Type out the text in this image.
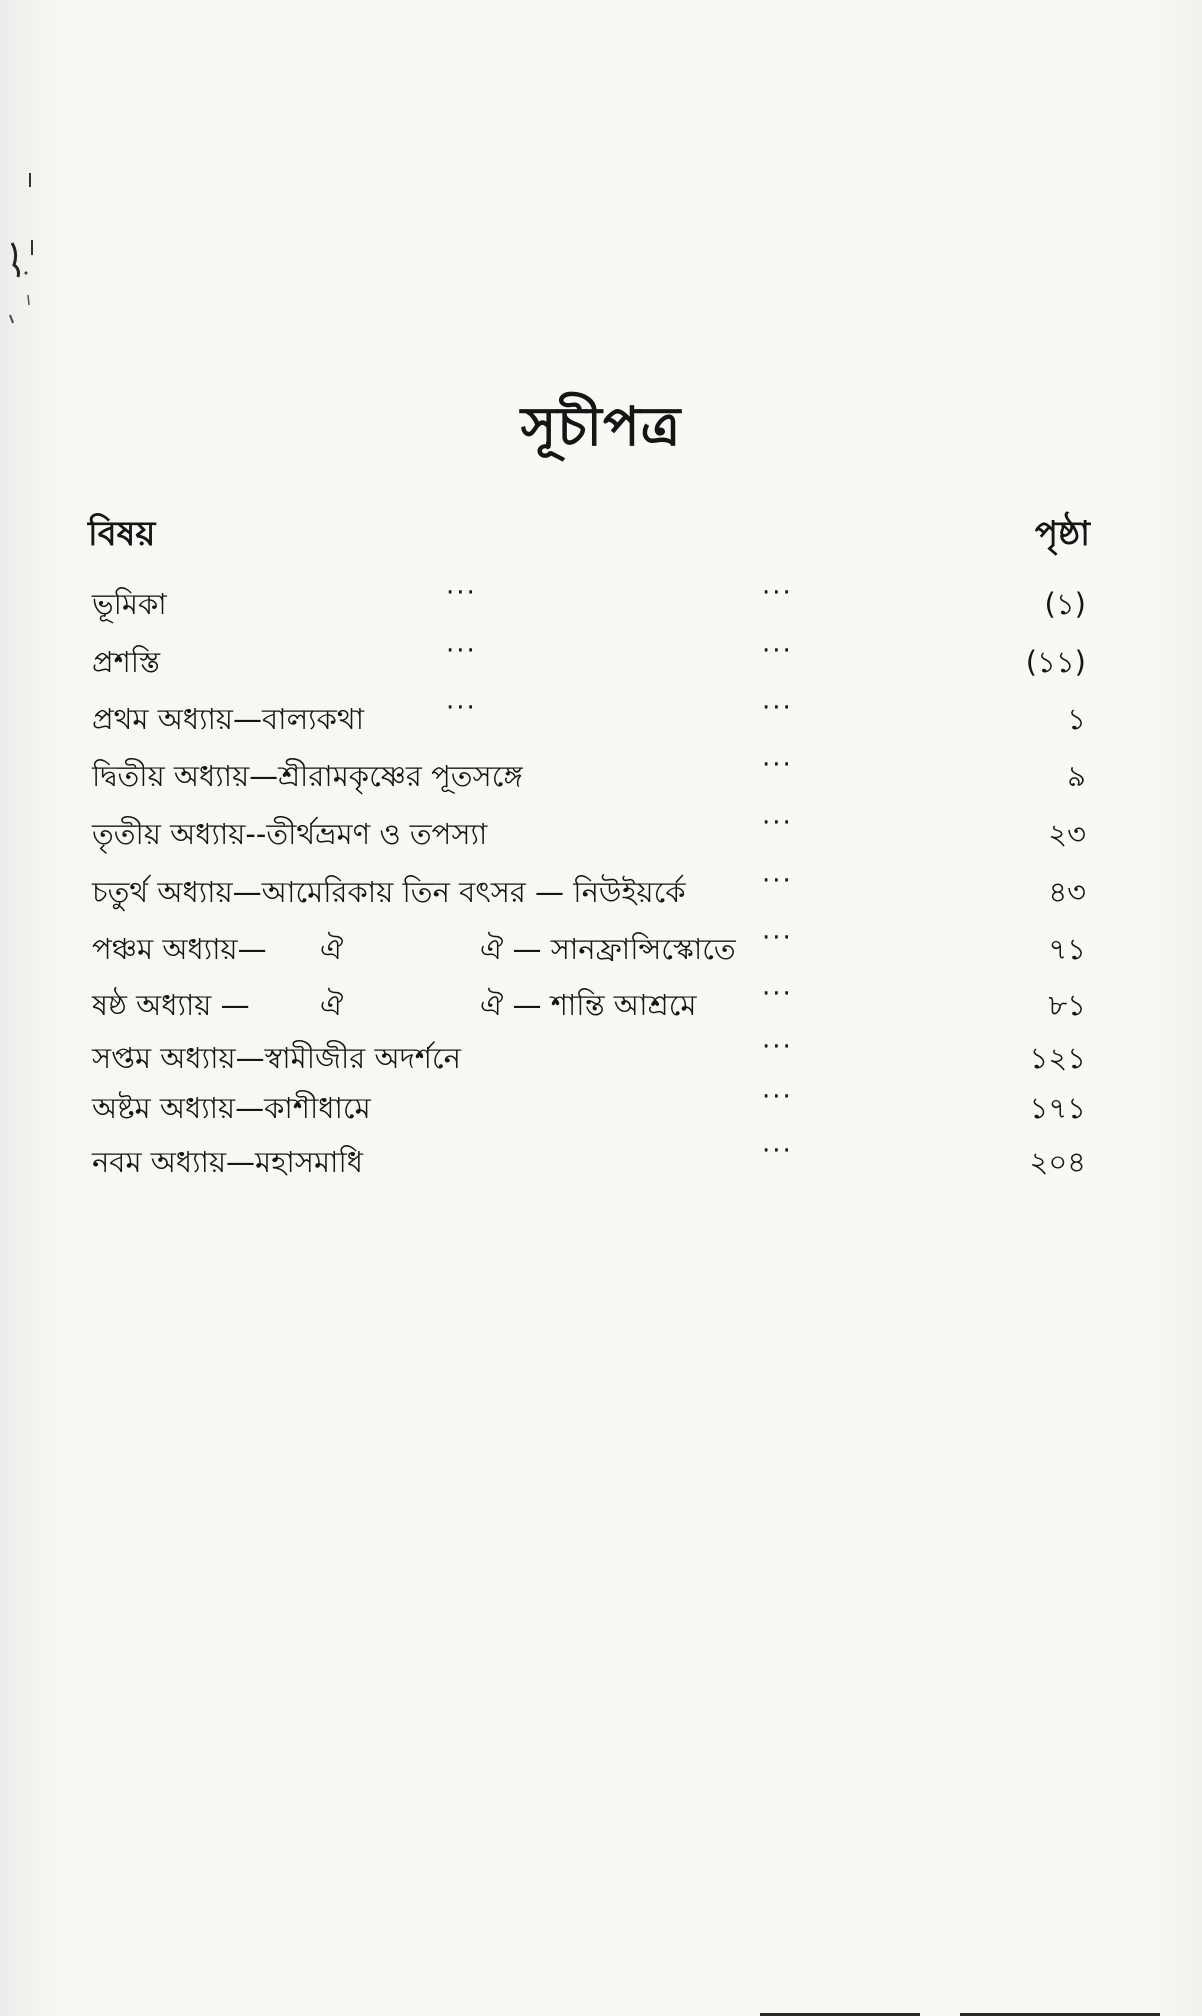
সূচীপত্র
বিষয়	পৃষ্ঠা
ভূমিকা	···	···	(১)
প্রশস্তি	···	···	(১১)
প্রথম অধ্যায়—বাল্যকথা	···	···	১
দ্বিতীয় অধ্যায়—শ্রীরামকৃষ্ণের পূতসঙ্গে	···	৯
তৃতীয় অধ্যায়--তীর্থভ্রমণ ও তপস্যা	···	২৩
চতুর্থ অধ্যায়—আমেরিকায় তিন বৎসর — নিউইয়র্কে	···	৪৩
পঞ্চম অধ্যায়— ঐ	ঐ — সানফ্রান্সিস্কোতে ···	৭১
ষষ্ঠ অধ্যায় — ঐ	ঐ — শান্তি আশ্রমে	···	৮১
সপ্তম অধ্যায়—স্বামীজীর অদর্শনে	···	১২১
অষ্টম অধ্যায়—কাশীধামে	···	১৭১
নবম অধ্যায়—মহাসমাধি	···	২০৪
